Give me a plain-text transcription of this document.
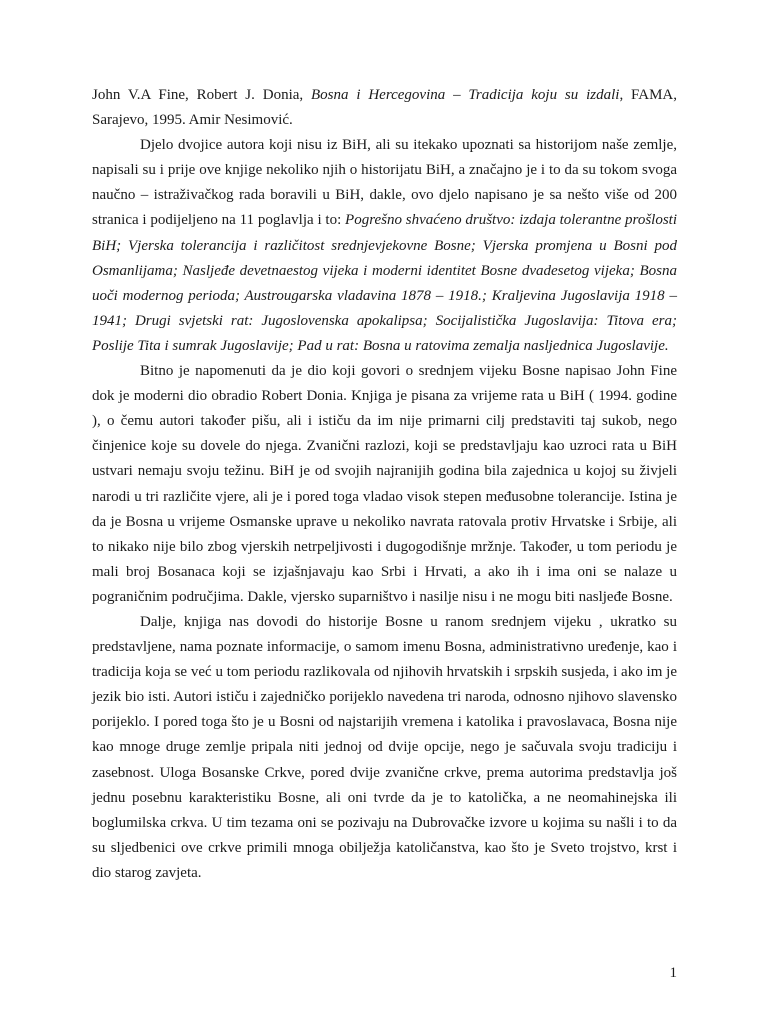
John V.A Fine, Robert J. Donia, Bosna i Hercegovina – Tradicija koju su izdali, FAMA, Sarajevo, 1995. Amir Nesimović.

Djelo dvojice autora koji nisu iz BiH, ali su itekako upoznati sa historijom naše zemlje, napisali su i prije ove knjige nekoliko njih o historijatu BiH, a značajno je i to da su tokom svoga naučno – istraživačkog rada boravili u BiH, dakle, ovo djelo napisano je sa nešto više od 200 stranica i podijeljeno na 11 poglavlja i to: Pogrešno shvaćeno društvo: izdaja tolerantne prošlosti BiH; Vjerska tolerancija i različitost srednjevjekovne Bosne; Vjerska promjena u Bosni pod Osmanlijama; Nasljeđe devetnaestog vijeka i moderni identitet Bosne dvadesetog vijeka; Bosna uoči modernog perioda; Austrougarska vladavina 1878 – 1918.; Kraljevina Jugoslavija 1918 – 1941; Drugi svjetski rat: Jugoslovenska apokalipsa; Socijalistička Jugoslavija: Titova era; Poslije Tita i sumrak Jugoslavije; Pad u rat: Bosna u ratovima zemalja nasljednica Jugoslavije.

Bitno je napomenuti da je dio koji govori o srednjem vijeku Bosne napisao John Fine dok je moderni dio obradio Robert Donia. Knjiga je pisana za vrijeme rata u BiH ( 1994. godine ), o čemu autori također pišu, ali i ističu da im nije primarni cilj predstaviti taj sukob, nego činjenice koje su dovele do njega. Zvanični razlozi, koji se predstavljaju kao uzroci rata u BiH ustvari nemaju svoju težinu. BiH je od svojih najranijih godina bila zajednica u kojoj su živjeli narodi u tri različite vjere, ali je i pored toga vladao visok stepen međusobne tolerancije. Istina je da je Bosna u vrijeme Osmanske uprave u nekoliko navrata ratovala protiv Hrvatske i Srbije, ali to nikako nije bilo zbog vjerskih netrpeljivosti i dugogodišnje mržnje. Također, u tom periodu je mali broj Bosanaca koji se izjašnjavaju kao Srbi i Hrvati, a ako ih i ima oni se nalaze u pograničnim područjima. Dakle, vjersko suparništvo i nasilje nisu i ne mogu biti nasljeđe Bosne.

Dalje, knjiga nas dovodi do historije Bosne u ranom srednjem vijeku , ukratko su predstavljene, nama poznate informacije, o samom imenu Bosna, administrativno uređenje, kao i tradicija koja se već u tom periodu razlikovala od njihovih hrvatskih i srpskih susjeda, i ako im je jezik bio isti. Autori ističu i zajedničko porijeklo navedena tri naroda, odnosno njihovo slavensko porijeklo. I pored toga što je u Bosni od najstarijih vremena i katolika i pravoslavaca, Bosna nije kao mnoge druge zemlje pripala niti jednoj od dvije opcije, nego je sačuvala svoju tradiciju i zasebnost. Uloga Bosanske Crkve, pored dvije zvanične crkve, prema autorima predstavlja još jednu posebnu karakteristiku Bosne, ali oni tvrde da je to katolička, a ne neomahinejska ili boglumilska crkva. U tim tezama oni se pozivaju na Dubrovačke izvore u kojima su našli i to da su sljedbenici ove crkve primili mnoga obilježja katoličanstva, kao što je Sveto trojstvo, krst i dio starog zavjeta.

1
